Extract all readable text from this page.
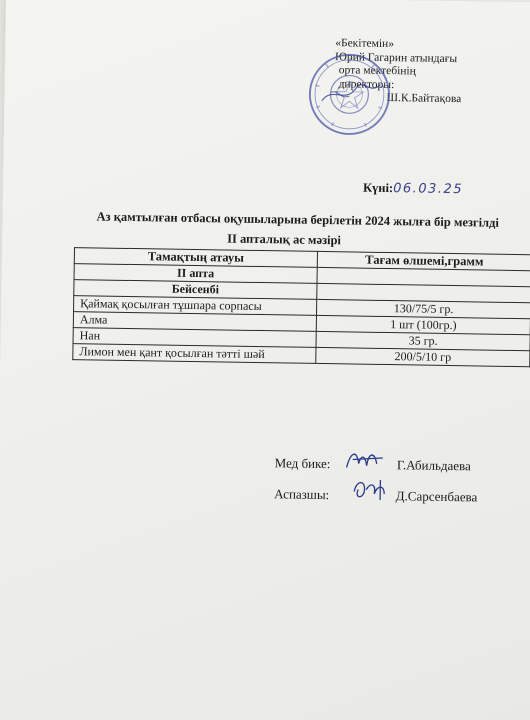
«Бекітемін»
Юрий Гагарин атындағы
орта мектебінің
директоры:
Ш.К.Байтақова
Күні:06.03.25
Аз қамтылған отбасы оқушыларына берілетін 2024 жылға бір мезгілді
II апталық ас мәзірі
Тамақтың атауы	Тағам өлшемі,грамм
II апта	
Бейсенбі	
Қаймақ қосылған тұшпара сорпасы	130/75/5 гр.
Алма	1 шт (100гр.)
Нан	35 гр.
Лимон мен қант қосылған тәтті шәй	200/5/10 гр
Мед бике:	Г.Абильдаева
Аспазшы:	Д.Сарсенбаева
